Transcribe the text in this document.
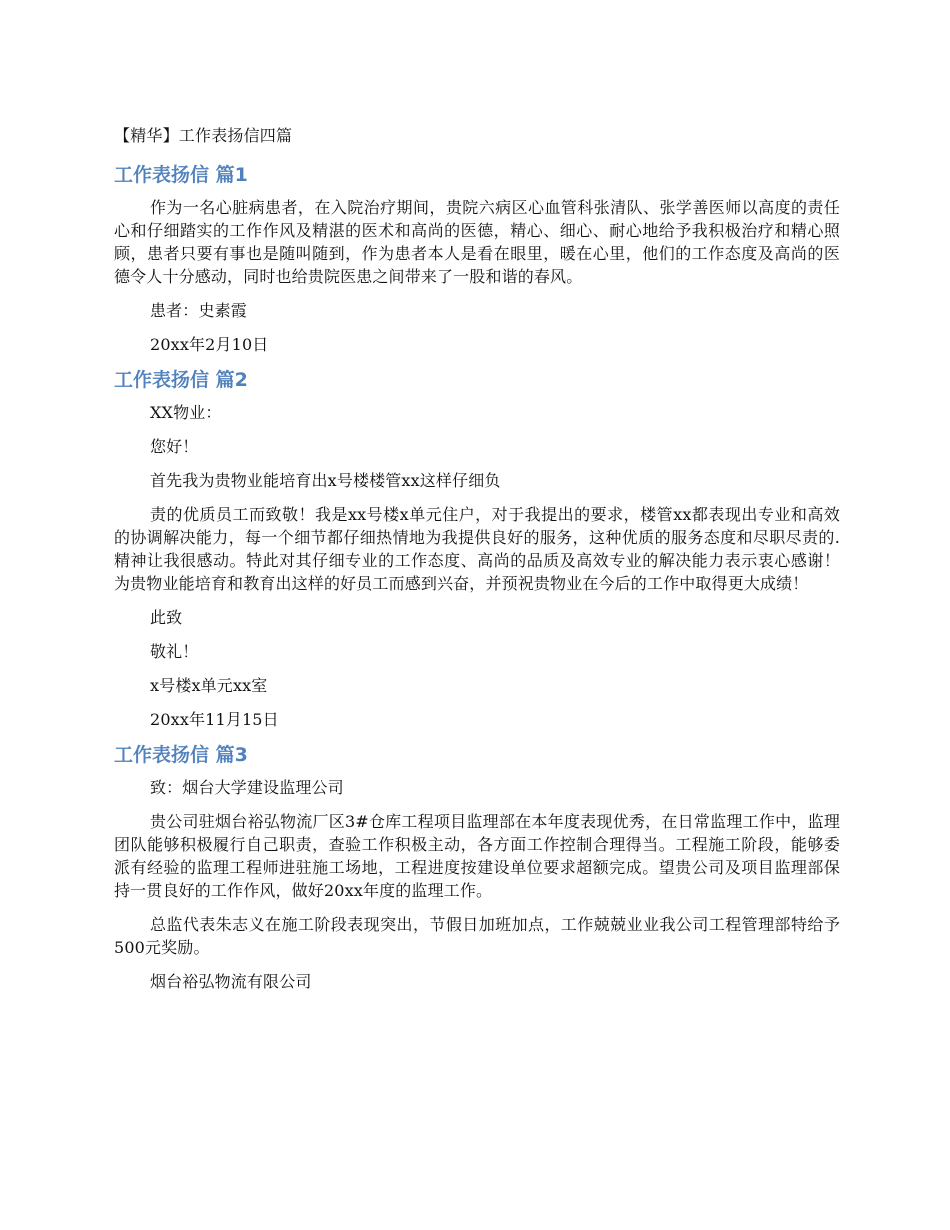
【精华】工作表扬信四篇
工作表扬信 篇1

作为一名心脏病患者，在入院治疗期间，贵院六病区心血管科张清队、张学善医师以高度的责任心和仔细踏实的工作作风及精湛的医术和高尚的医德，精心、细心、耐心地给予我积极治疗和精心照顾，患者只要有事也是随叫随到，作为患者本人是看在眼里，暖在心里，他们的工作态度及高尚的医德令人十分感动，同时也给贵院医患之间带来了一股和谐的春风。

患者：史素霞

20xx年2月10日

工作表扬信 篇2

XX物业：

您好！

首先我为贵物业能培育出x号楼楼管xx这样仔细负

责的优质员工而致敬！我是xx号楼x单元住户，对于我提出的要求，楼管xx都表现出专业和高效的协调解决能力，每一个细节都仔细热情地为我提供良好的服务，这种优质的服务态度和尽职尽责的.精神让我很感动。特此对其仔细专业的工作态度、高尚的品质及高效专业的解决能力表示衷心感谢！为贵物业能培育和教育出这样的好员工而感到兴奋，并预祝贵物业在今后的工作中取得更大成绩！

此致

敬礼！

x号楼x单元xx室

20xx年11月15日

工作表扬信 篇3

致：烟台大学建设监理公司

贵公司驻烟台裕弘物流厂区3#仓库工程项目监理部在本年度表现优秀，在日常监理工作中，监理团队能够积极履行自己职责，查验工作积极主动，各方面工作控制合理得当。工程施工阶段，能够委派有经验的监理工程师进驻施工场地，工程进度按建设单位要求超额完成。望贵公司及项目监理部保持一贯良好的工作作风，做好20xx年度的监理工作。

总监代表朱志义在施工阶段表现突出，节假日加班加点，工作兢兢业业我公司工程管理部特给予500元奖励。

烟台裕弘物流有限公司
